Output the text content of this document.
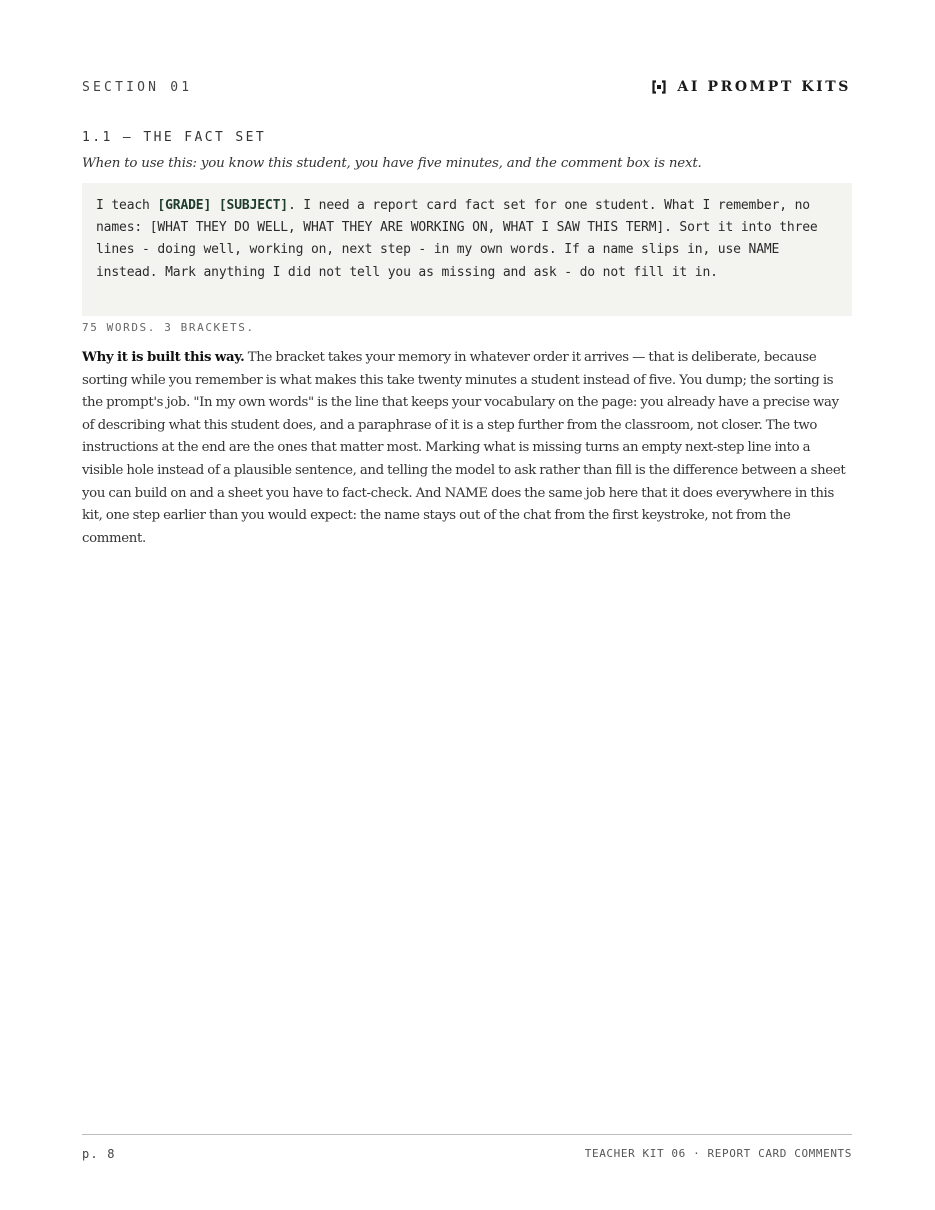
SECTION 01	AI PROMPT KITS
1.1 — THE FACT SET
When to use this: you know this student, you have five minutes, and the comment box is next.
I teach [GRADE] [SUBJECT]. I need a report card fact set for one student. What I remember, no names: [WHAT THEY DO WELL, WHAT THEY ARE WORKING ON, WHAT I SAW THIS TERM]. Sort it into three lines - doing well, working on, next step - in my own words. If a name slips in, use NAME instead. Mark anything I did not tell you as missing and ask - do not fill it in.
75 WORDS. 3 BRACKETS.
Why it is built this way. The bracket takes your memory in whatever order it arrives — that is deliberate, because sorting while you remember is what makes this take twenty minutes a student instead of five. You dump; the sorting is the prompt's job. "In my own words" is the line that keeps your vocabulary on the page: you already have a precise way of describing what this student does, and a paraphrase of it is a step further from the classroom, not closer. The two instructions at the end are the ones that matter most. Marking what is missing turns an empty next-step line into a visible hole instead of a plausible sentence, and telling the model to ask rather than fill is the difference between a sheet you can build on and a sheet you have to fact-check. And NAME does the same job here that it does everywhere in this kit, one step earlier than you would expect: the name stays out of the chat from the first keystroke, not from the comment.
p. 8	TEACHER KIT 06 · REPORT CARD COMMENTS
